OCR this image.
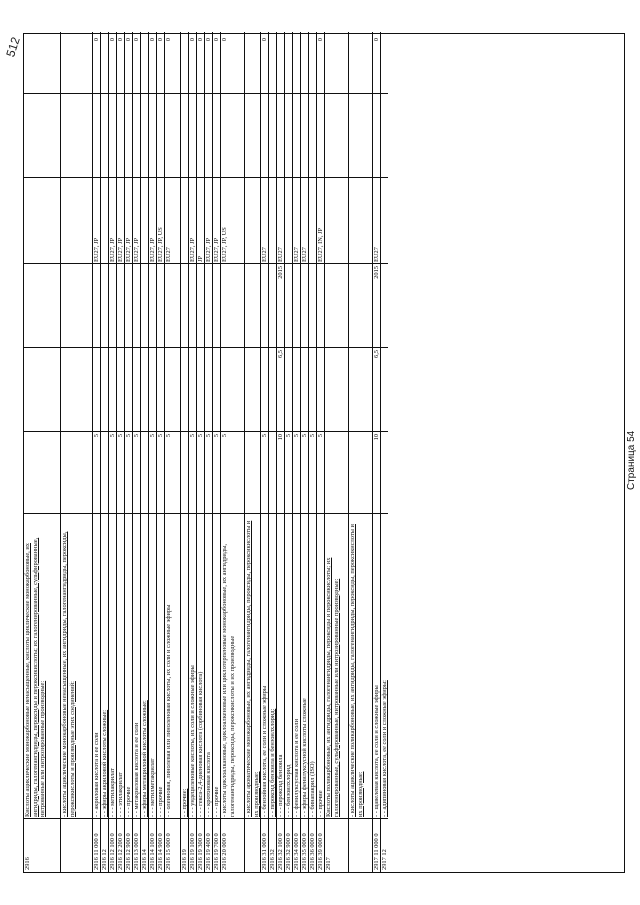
2916
Кислоты ациклические монокарбоновые ненасыщенные, кислоты циклические монокарбоновые, их ангидриды, галогенангидриды, пероксиды и пероксикислоты; их галогенированные, сульфированные, нитрованные или нитрозированные производные:	- кислоты ациклические монокарбоновые ненасыщенные, их ангидриды, галогенангидриды, пероксиды, пероксикислоты и производные этих соединений:
2916 11 000 0
- - акриловая кислота и ее соли
5
EU27, JP
0
2916 12
- - эфиры акриловой кислоты сложные:
2916 12 100 0
- - - метилакрилат
5
EU27, JP
0
2916 12 200 0
- - - этилакрилат
5
EU27, JP
0
2916 12 900 0
- - - прочие
5
EU27, JP
0
2916 13 000 0
- - метакриловая кислота и ее соли
5
EU27, JP
0
2916 14
- - эфиры метакриловой кислоты сложные:
2916 14 100 0
- - - метилметакрилат
5
EU27, JP
0
2916 14 900 0
- - - прочие
5
EU27, JP, US
0
2916 15 000 0
- - олеиновая, линолевая или линоленовая кислоты, их соли и сложные эфиры
5
EU27
0
2916 19
- - прочие:
2916 19 100 0
- - - ундециленовые кислоты, их соли и сложные эфиры
5
EU27, JP
0
2916 19 300 0
- - - гекса-2,4-диеновая кислота (сорбиновая кислота)
5
JP
0
2916 19 400 0
- - - кротоновая кислота
5
EU27, JP
0
2916 19 700 0
- - - прочие
5
EU27, JP
0
2916 20 000 0
- кислоты циклоалкановые, циклоалкеновые или циклотерпеновые монокарбоновые, их ангидриды, галогенангидриды, пероксиды, пероксикислоты и их производные
5
EU27, JP, US
0
- кислоты ароматические монокарбоновые, их ангидриды, галогенангидриды, пероксиды, пероксикислоты и их производные:
2916 31 000 0
- - бензойная кислота, ее соли и сложные эфиры
5
EU27
0
2916 32
- - пероксид бензоила и бензоилхлорид:
2916 32 100 0
- - - пероксид бензоила
10
6,5
2015
EU27
2916 32 900 0
- - - бензоилхлорид
5
2916 34 000 0
- - фенилуксусная кислота и ее соли
5
EU27
2916 35 000 0
- - эфиры фенилуксусной кислоты сложные
5
EU27
2916 36 000 0
- - бинапакрил (ISO)
5
2916 39 000 0
- - прочие
5
EU27, IN, JP
0
2917
Кислоты поликарбоновые, их ангидриды, галогенангидриды, пероксиды и пероксикислоты; их галогенированные, сульфированные, нитрованные или нитрозированные производные:	- кислоты ациклические поликарбоновые, их ангидриды, галогенангидриды, пероксиды, пероксикислоты и их производные:
2917 11 000 0
- - щавелевая кислота, ее соли и сложные эфиры
10
6,5
2015
EU27
0
2917 12
- - адипиновая кислота, ее соли и сложные эфиры:
Страница 54
512
